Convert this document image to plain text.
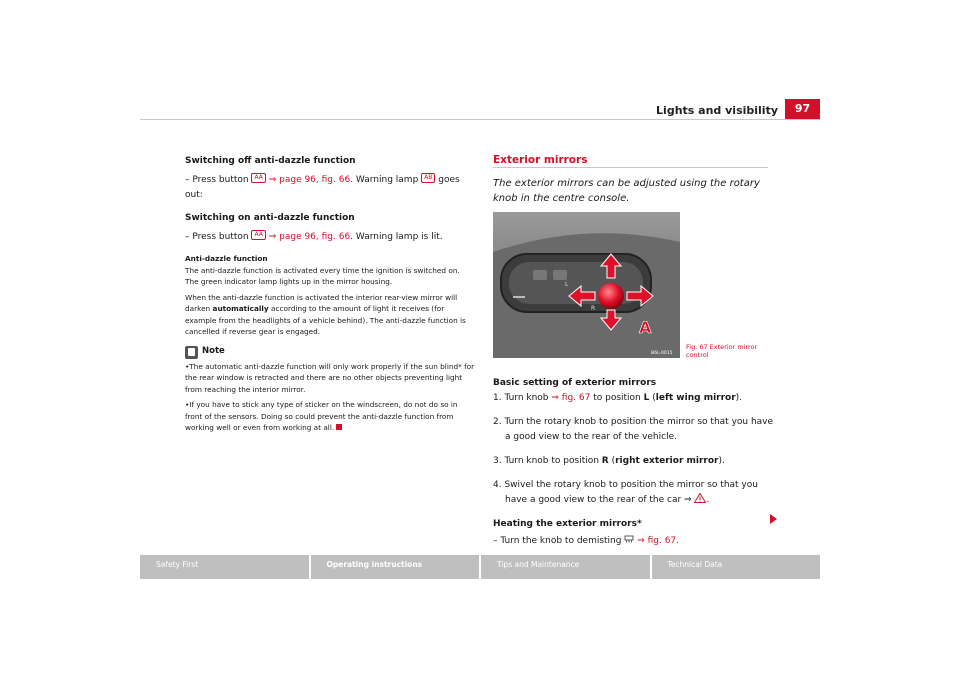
Lights and visibility	97
Switching off anti-dazzle function
– Press button AA ⇒ page 96, fig. 66. Warning lamp AB goes out:
Switching on anti-dazzle function
– Press button AA ⇒ page 96, fig. 66. Warning lamp is lit.
Anti-dazzle function

The anti-dazzle function is activated every time the ignition is switched on. The green indicator lamp lights up in the mirror housing.

When the anti-dazzle function is activated the interior rear-view mirror will darken automatically according to the amount of light it receives (for example from the headlights of a vehicle behind). The anti-dazzle function is cancelled if reverse gear is engaged.

Note

•The automatic anti-dazzle function will only work properly if the sun blind* for the rear window is retracted and there are no other objects preventing light from reaching the interior mirror.

•If you have to stick any type of sticker on the windscreen, do not do so in front of the sensors. Doing so could prevent the anti-dazzle function from working well or even from working at all.

Exterior mirrors
The exterior mirrors can be adjusted using the rotary knob in the centre console.
L
R
A
B6L-0015
Fig. 67 Exterior mirror control
Basic setting of exterior mirrors
1. Turn knob ⇒ fig. 67 to position L (left wing mirror).
2. Turn the rotary knob to position the mirror so that you have a good view to the rear of the vehicle.
3. Turn knob to position R (right exterior mirror).
4. Swivel the rotary knob to position the mirror so that you have a good view to the rear of the car ⇒ .
Heating the exterior mirrors*
– Turn the knob to demisting  ⇒ fig. 67.
Safety First	Operating instructions	Tips and Maintenance	Technical Data
